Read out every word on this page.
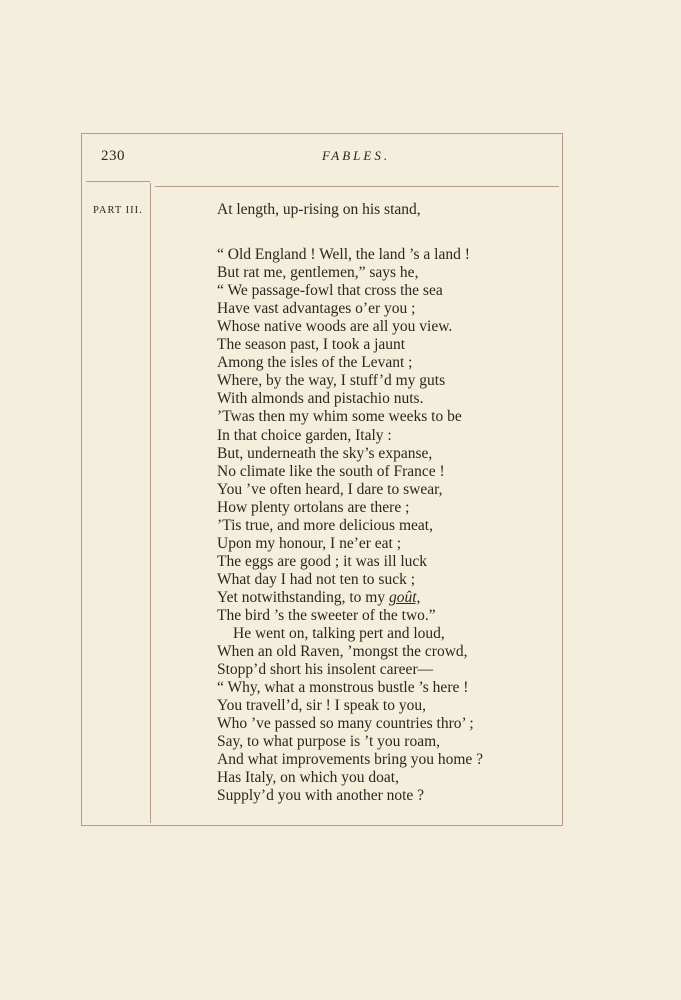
230	FABLES.
PART III.	At length, up-rising on his stand,
“ Old England ! Well, the land ’s a land !
But rat me, gentlemen,” says he,
“ We passage-fowl that cross the sea
Have vast advantages o’er you ;
Whose native woods are all you view.
The season past, I took a jaunt
Among the isles of the Levant ;
Where, by the way, I stuff’d my guts
With almonds and pistachio nuts.
’Twas then my whim some weeks to be
In that choice garden, Italy :
But, underneath the sky’s expanse,
No climate like the south of France !
You ’ve often heard, I dare to swear,
How plenty ortolans are there ;
’Tis true, and more delicious meat,
Upon my honour, I ne’er eat ;
The eggs are good ; it was ill luck
What day I had not ten to suck ;
Yet notwithstanding, to my goût,
The bird ’s the sweeter of the two.”
He went on, talking pert and loud,
When an old Raven, ’mongst the crowd,
Stopp’d short his insolent career—
“ Why, what a monstrous bustle ’s here !
You travell’d, sir ! I speak to you,
Who ’ve passed so many countries thro’ ;
Say, to what purpose is ’t you roam,
And what improvements bring you home ?
Has Italy, on which you doat,
Supply’d you with another note ?
